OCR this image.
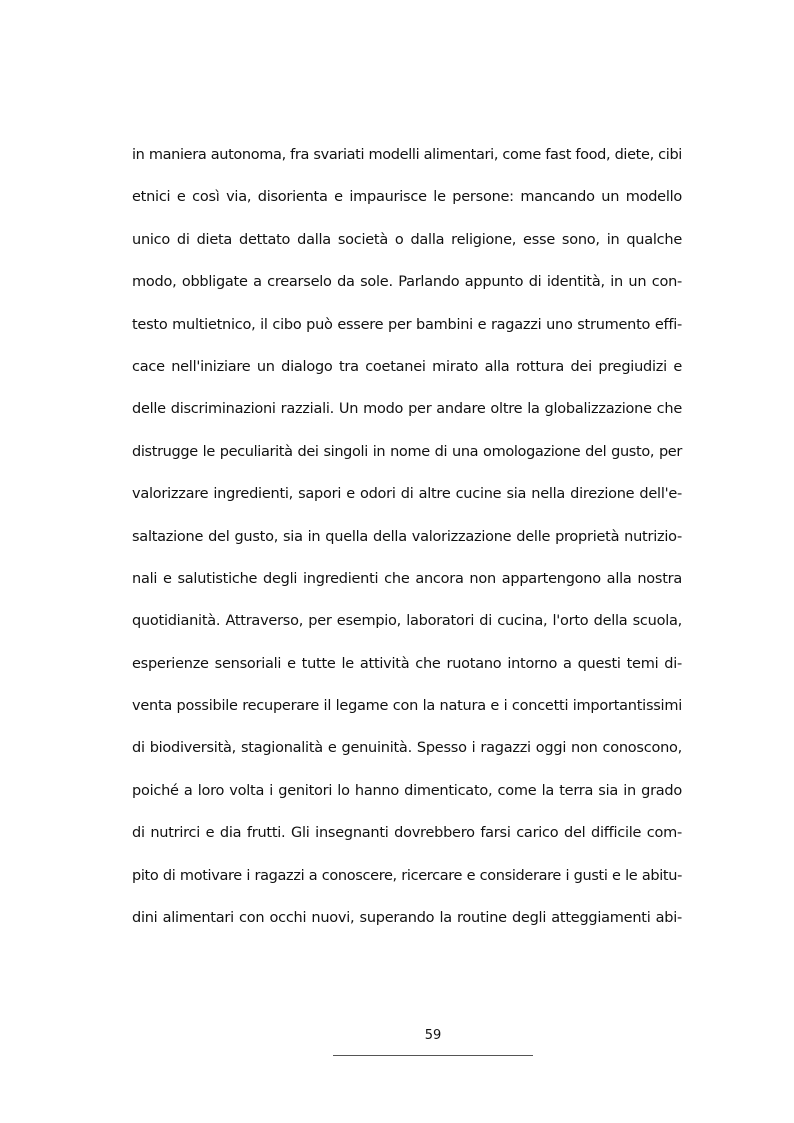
in maniera autonoma, fra svariati modelli alimentari, come fast food, diete, cibi
etnici e così via, disorienta e impaurisce le persone: mancando un modello
unico di dieta dettato dalla società o dalla religione, esse sono, in qualche
modo, obbligate a crearselo da sole. Parlando appunto di identità, in un con-
testo multietnico, il cibo può essere per bambini e ragazzi uno strumento effi-
cace nell'iniziare un dialogo tra coetanei mirato alla rottura dei pregiudizi e
delle discriminazioni razziali. Un modo per andare oltre la globalizzazione che
distrugge le peculiarità dei singoli in nome di una omologazione del gusto, per
valorizzare ingredienti, sapori e odori di altre cucine sia nella direzione dell'e-
saltazione del gusto, sia in quella della valorizzazione delle proprietà nutrizio-
nali e salutistiche degli ingredienti che ancora non appartengono alla nostra
quotidianità. Attraverso, per esempio, laboratori di cucina, l'orto della scuola,
esperienze sensoriali e tutte le attività che ruotano intorno a questi temi di-
venta possibile recuperare il legame con la natura e i concetti importantissimi
di biodiversità, stagionalità e genuinità. Spesso i ragazzi oggi non conoscono,
poiché a loro volta i genitori lo hanno dimenticato, come la terra sia in grado
di nutrirci e dia frutti. Gli insegnanti dovrebbero farsi carico del difficile com-
pito di motivare i ragazzi a conoscere, ricercare e considerare i gusti e le abitu-
dini alimentari con occhi nuovi, superando la routine degli atteggiamenti abi-
59
